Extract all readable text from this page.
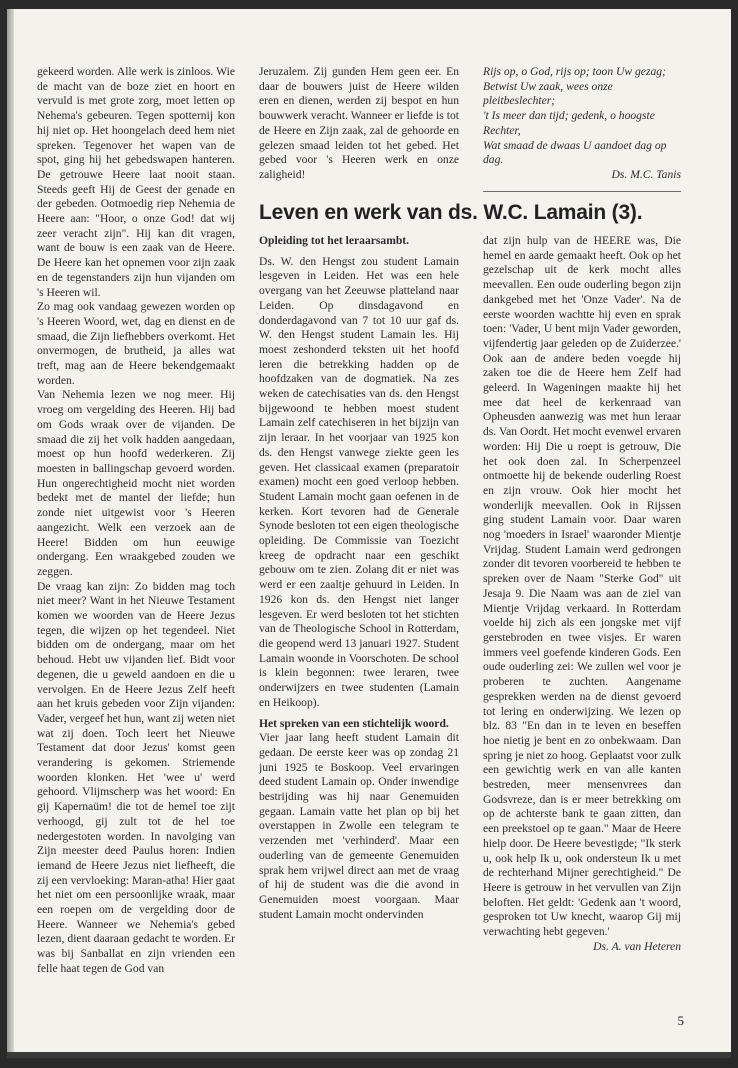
gekeerd worden. Alle werk is zinloos. Wie de macht van de boze ziet en hoort en vervuld is met grote zorg, moet letten op Nehema's gebeuren. Tegen spotternij kon hij niet op. Het hoongelach deed hem niet spreken. Tegenover het wapen van de spot, ging hij het gebedswapen hanteren. De getrouwe Heere laat nooit staan. Steeds geeft Hij de Geest der genade en der gebeden. Ootmoedig riep Nehemia de Heere aan: "Hoor, o onze God! dat wij zeer veracht zijn". Hij kan dit vragen, want de bouw is een zaak van de Heere. De Heere kan het opnemen voor zijn zaak en de tegenstanders zijn hun vijanden om 's Heeren wil.
Zo mag ook vandaag gewezen worden op 's Heeren Woord, wet, dag en dienst en de smaad, die Zijn liefhebbers overkomt. Het onvermogen, de brutheid, ja alles wat treft, mag aan de Heere bekendgemaakt worden.
Van Nehemia lezen we nog meer. Hij vroeg om vergelding des Heeren. Hij bad om Gods wraak over de vijanden. De smaad die zij het volk hadden aangedaan, moest op hun hoofd wederkeren. Zij moesten in ballingschap gevoerd worden. Hun ongerechtigheid mocht niet worden bedekt met de mantel der liefde; hun zonde niet uitgewist voor 's Heeren aangezicht. Welk een verzoek aan de Heere! Bidden om hun eeuwige ondergang. Een wraakgebed zouden we zeggen.
De vraag kan zijn: Zo bidden mag toch niet meer? Want in het Nieuwe Testament komen we woorden van de Heere Jezus tegen, die wijzen op het tegendeel. Niet bidden om de ondergang, maar om het behoud. Hebt uw vijanden lief. Bidt voor degenen, die u geweld aandoen en die u vervolgen. En de Heere Jezus Zelf heeft aan het kruis gebeden voor Zijn vijanden: Vader, vergeef het hun, want zij weten niet wat zij doen. Toch leert het Nieuwe Testament dat door Jezus' komst geen verandering is gekomen. Striemende woorden klonken. Het 'wee u' werd gehoord. Vlijmscherp was het woord: En gij Kapernaüm! die tot de hemel toe zijt verhoogd, gij zult tot de hel toe nedergestoten worden. In navolging van Zijn meester deed Paulus horen: Indien iemand de Heere Jezus niet liefheeft, die zij een vervloeking: Maran-atha! Hier gaat het niet om een persoonlijke wraak, maar een roepen om de vergelding door de Heere. Wanneer we Nehemia's gebed lezen, dient daaraan gedacht te worden. Er was bij Sanballat en zijn vrienden een felle haat tegen de God van

Jeruzalem. Zij gunden Hem geen eer. En daar de bouwers juist de Heere wilden eren en dienen, werden zij bespot en hun bouwwerk veracht. Wanneer er liefde is tot de Heere en Zijn zaak, zal de gehoorde en gelezen smaad leiden tot het gebed. Het gebed voor 's Heeren werk en onze zaligheid!

Rijs op, o God, rijs op; toon Uw gezag;
Betwist Uw zaak, wees onze pleitbeslechter;
't Is meer dan tijd; gedenk, o hoogste Rechter,
Wat smaad de dwaas U aandoet dag op dag.

Ds. M.C. Tanis

Leven en werk van ds. W.C. Lamain (3).

Opleiding tot het leraarsambt.

Ds. W. den Hengst zou student Lamain lesgeven in Leiden. Het was een hele overgang van het Zeeuwse platteland naar Leiden. Op dinsdagavond en donderdagavond van 7 tot 10 uur gaf ds. W. den Hengst student Lamain les. Hij moest zeshonderd teksten uit het hoofd leren die betrekking hadden op de hoofdzaken van de dogmatiek. Na zes weken de catechisaties van ds. den Hengst bijgewoond te hebben moest student Lamain zelf catechiseren in het bijzijn van zijn leraar. In het voorjaar van 1925 kon ds. den Hengst vanwege ziekte geen les geven. Het classicaal examen (preparatoir examen) mocht een goed verloop hebben. Student Lamain mocht gaan oefenen in de kerken. Kort tevoren had de Generale Synode besloten tot een eigen theologische opleiding. De Commissie van Toezicht kreeg de opdracht naar een geschikt gebouw om te zien. Zolang dit er niet was werd er een zaaltje gehuurd in Leiden. In 1926 kon ds. den Hengst niet langer lesgeven. Er werd besloten tot het stichten van de Theologische School in Rotterdam, die geopend werd 13 januari 1927. Student Lamain woonde in Voorschoten. De school is klein begonnen: twee leraren, twee onderwijzers en twee studenten (Lamain en Heikoop).

Het spreken van een stichtelijk woord.

Vier jaar lang heeft student Lamain dit gedaan. De eerste keer was op zondag 21 juni 1925 te Boskoop. Veel ervaringen deed student Lamain op. Onder inwendige bestrijding was hij naar Genemuiden gegaan. Lamain vatte het plan op bij het overstappen in Zwolle een telegram te verzenden met 'verhinderd'. Maar een ouderling van de gemeente Genemuiden sprak hem vrijwel direct aan met de vraag of hij de student was die die avond in Genemuiden moest voorgaan. Maar student Lamain mocht ondervinden

dat zijn hulp van de HEERE was, Die hemel en aarde gemaakt heeft. Ook op het gezelschap uit de kerk mocht alles meevallen. Een oude ouderling begon zijn dankgebed met het 'Onze Vader'. Na de eerste woorden wachtte hij even en sprak toen: 'Vader, U bent mijn Vader geworden, vijfendertig jaar geleden op de Zuiderzee.' Ook aan de andere beden voegde hij zaken toe die de Heere hem Zelf had geleerd. In Wageningen maakte hij het mee dat heel de kerkenraad van Opheusden aanwezig was met hun leraar ds. Van Oordt. Het mocht evenwel ervaren worden: Hij Die u roept is getrouw, Die het ook doen zal. In Scherpenzeel ontmoette hij de bekende ouderling Roest en zijn vrouw. Ook hier mocht het wonderlijk meevallen. Ook in Rijssen ging student Lamain voor. Daar waren nog 'moeders in Israel' waaronder Mientje Vrijdag. Student Lamain werd gedrongen zonder dit tevoren voorbereid te hebben te spreken over de Naam "Sterke God" uit Jesaja 9. Die Naam was aan de ziel van Mientje Vrijdag verkaard. In Rotterdam voelde hij zich als een jongske met vijf gerstebroden en twee visjes. Er waren immers veel goefende kinderen Gods. Een oude ouderling zei: We zullen wel voor je proberen te zuchten. Aangename gesprekken werden na de dienst gevoerd tot lering en onderwijzing. We lezen op blz. 83 "En dan in te leven en beseffen hoe nietig je bent en zo onbekwaam. Dan spring je niet zo hoog. Geplaatst voor zulk een gewichtig werk en van alle kanten bestreden, meer mensenvrees dan Godsvreze, dan is er meer betrekking om op de achterste bank te gaan zitten, dan een preekstoel op te gaan." Maar de Heere hielp door. De Heere bevestigde; "Ik sterk u, ook help Ik u, ook ondersteun Ik u met de rechterhand Mijner gerechtigheid." De Heere is getrouw in het vervullen van Zijn beloften. Het geldt: 'Gedenk aan 't woord, gesproken tot Uw knecht, waarop Gij mij verwachting hebt gegeven.'

Ds. A. van Heteren

5
